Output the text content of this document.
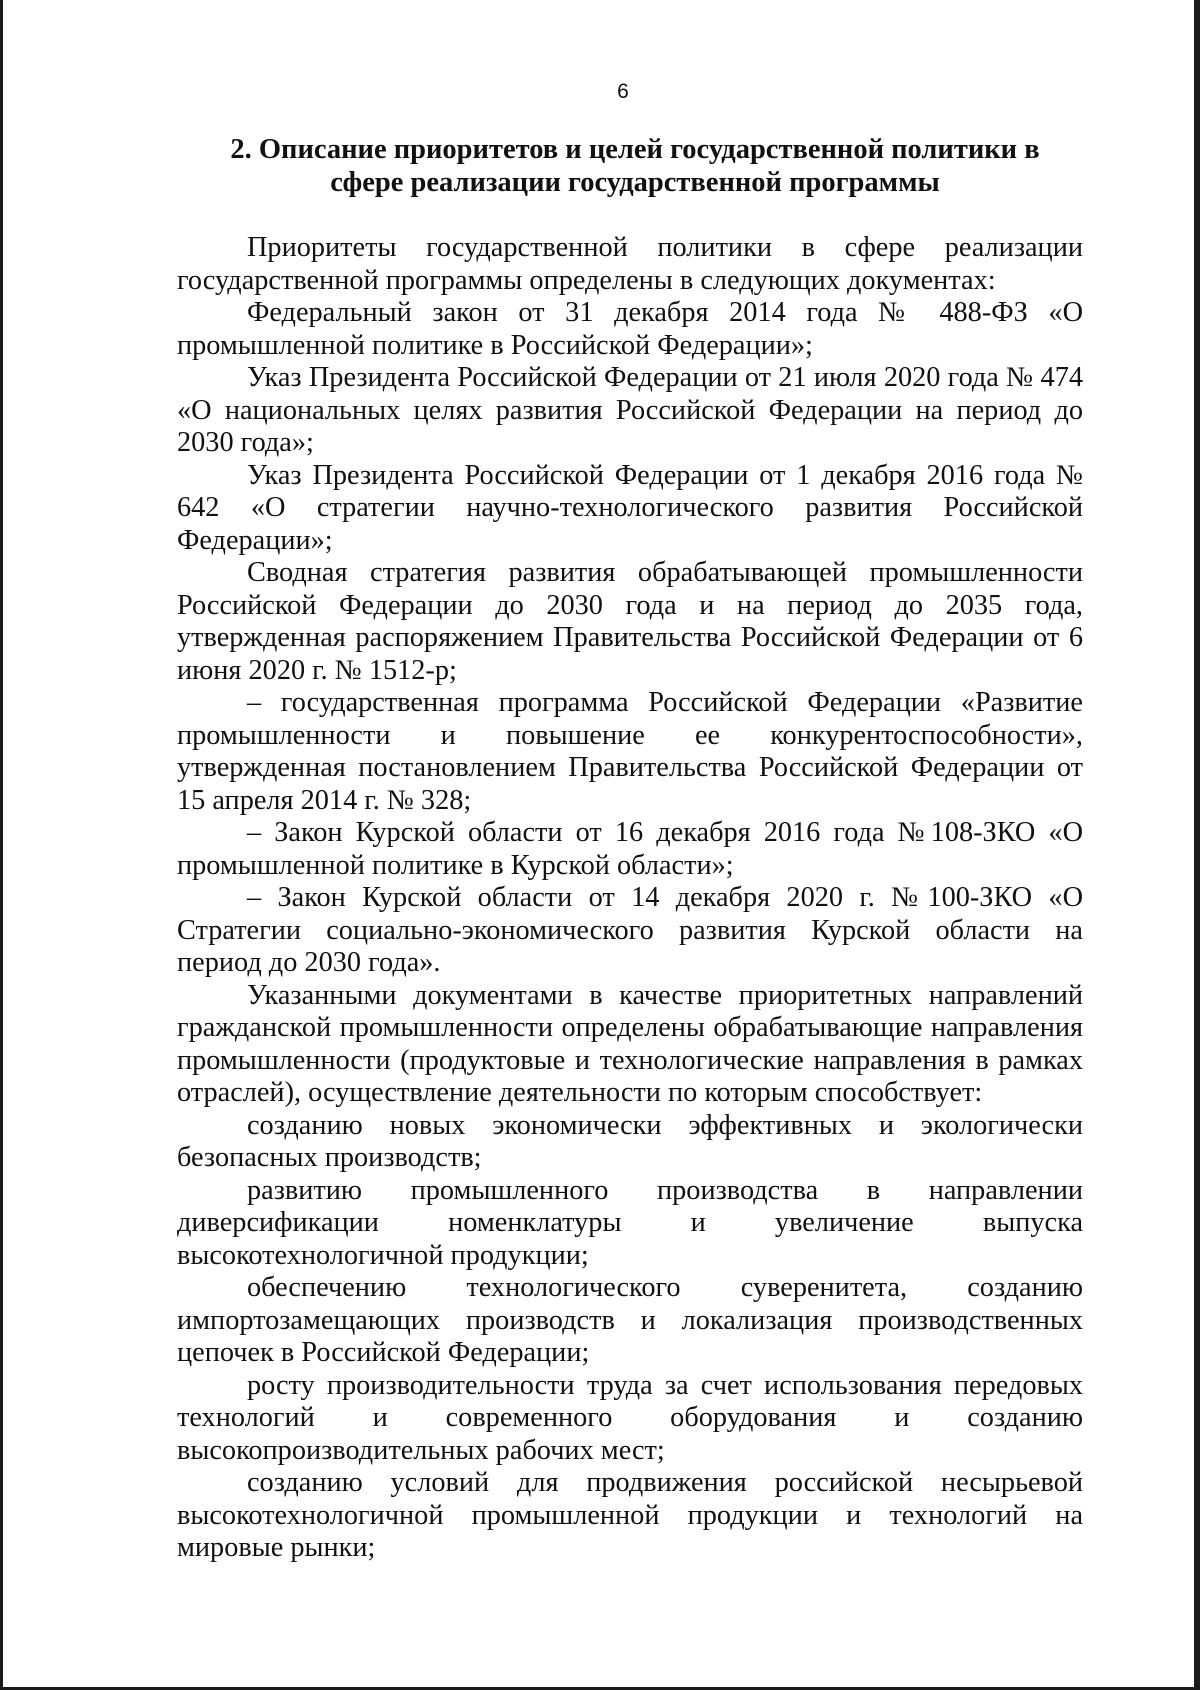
6
2. Описание приоритетов и целей государственной политики в
сфере реализации государственной программы

Приоритеты государственной политики в сфере реализации государственной программы определены в следующих документах:

Федеральный закон от 31 декабря 2014 года № 488-ФЗ «О промышленной политике в Российской Федерации»;

Указ Президента Российской Федерации от 21 июля 2020 года № 474 «О национальных целях развития Российской Федерации на период до 2030 года»;

Указ Президента Российской Федерации от 1 декабря 2016 года № 642 «О стратегии научно-технологического развития Российской Федерации»;

Сводная стратегия развития обрабатывающей промышленности Российской Федерации до 2030 года и на период до 2035 года, утвержденная распоряжением Правительства Российской Федерации от 6 июня 2020 г. № 1512-р;

– государственная программа Российской Федерации «Развитие промышленности и повышение ее конкурентоспособности», утвержденная постановлением Правительства Российской Федерации от 15 апреля 2014 г. № 328;

– Закон Курской области от 16 декабря 2016 года №108-ЗКО «О промышленной политике в Курской области»;

– Закон Курской области от 14 декабря 2020 г. №100-ЗКО «О Стратегии социально-экономического развития Курской области на период до 2030 года».

Указанными документами в качестве приоритетных направлений гражданской промышленности определены обрабатывающие направления промышленности (продуктовые и технологические направления в рамках отраслей), осуществление деятельности по которым способствует:

созданию новых экономически эффективных и экологически безопасных производств;

развитию промышленного производства в направлении диверсификации номенклатуры и увеличение выпуска высокотехнологичной продукции;

обеспечению технологического суверенитета, созданию импортозамещающих производств и локализация производственных цепочек в Российской Федерации;

росту производительности труда за счет использования передовых технологий и современного оборудования и созданию высокопроизводительных рабочих мест;

созданию условий для продвижения российской несырьевой высокотехнологичной промышленной продукции и технологий на мировые рынки;
